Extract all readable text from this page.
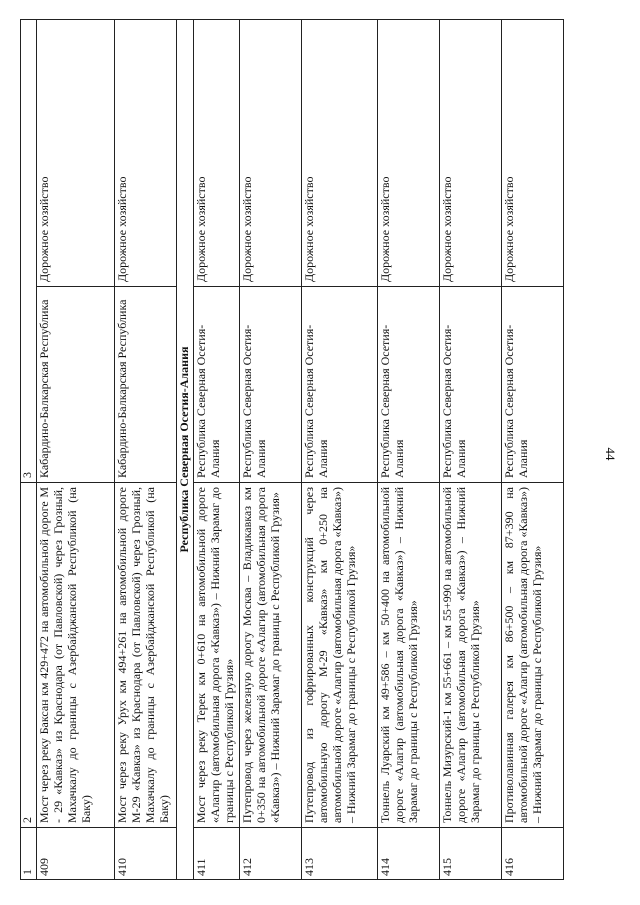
44
1	2	3	
409	Мост через реку Баксан км 429+472 на автомобильной дороге М - 29 «Кавказ» из Краснодара (от Павловской) через Грозный, Махачкалу до границы с Азербайджанской Республикой (на Баку)	Кабардино-Балкарская Республика	Дорожное хозяйство
410	Мост через реку Урух км 494+261 на автомобильной дороге М-29 «Кавказ» из Краснодара (от Павловской) через Грозный, Махачкалу до границы с Азербайджанской Республикой (на Баку)	Кабардино-Балкарская Республика	Дорожное хозяйство
Республика Северная Осетия-Алания			
411	Мост через реку Терек км 0+610 на автомобильной дороге «Алагир (автомобильная дорога «Кавказ») – Нижний Зарамаг до границы с Республикой Грузия»	Республика Северная Осетия-Алания	Дорожное хозяйство
412	Путепровод через железную дорогу Москва – Владикавказ км 0+350 на автомобильной дороге «Алагир (автомобильная дорога «Кавказ») – Нижний Зарамаг до границы с Республикой Грузия»	Республика Северная Осетия-Алания	Дорожное хозяйство
413	Путепровод из гофрированных конструкций через автомобильную дорогу М-29 «Кавказ» км 0+250 на автомобильной дороге «Алагир (автомобильная дорога «Кавказ») – Нижний Зарамаг до границы с Республикой Грузия»	Республика Северная Осетия-Алания	Дорожное хозяйство
414	Тоннель Луарский км 49+586 – км 50+400 на автомобильной дороге «Алагир (автомобильная дорога «Кавказ») – Нижний Зарамаг до границы с Республикой Грузия»	Республика Северная Осетия-Алания	Дорожное хозяйство
415	Тоннель Мизурский-1 км 55+661 – км 55+990 на автомобильной дороге «Алагир (автомобильная дорога «Кавказ») – Нижний Зарамаг до границы с Республикой Грузия»	Республика Северная Осетия-Алания	Дорожное хозяйство
416	Противолавинная галерея км 86+500 – км 87+390 на автомобильной дороге «Алагир (автомобильная дорога «Кавказ») – Нижний Зарамаг до границы с Республикой Грузия»	Республика Северная Осетия-Алания	Дорожное хозяйство
